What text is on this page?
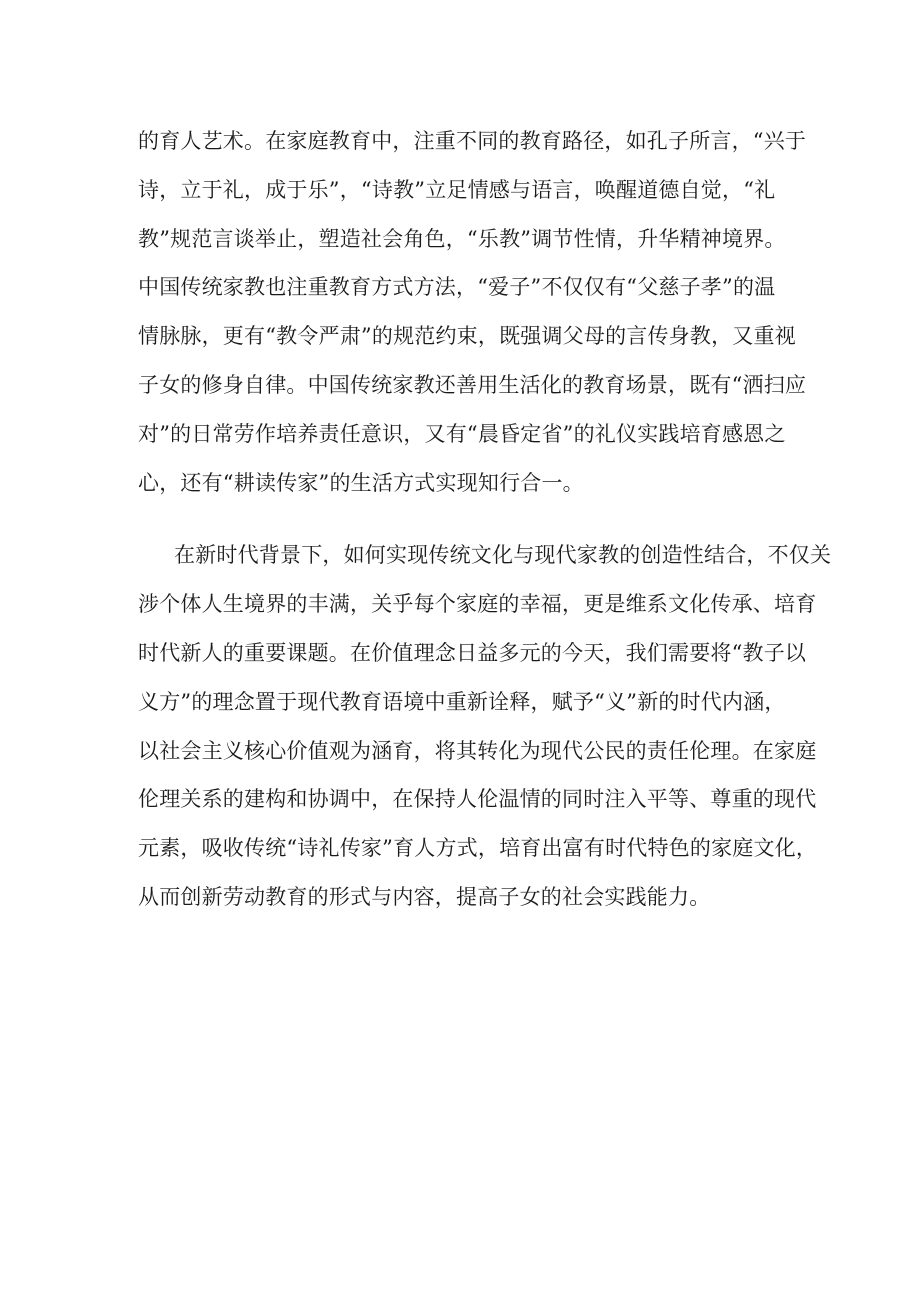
的育人艺术。在家庭教育中，注重不同的教育路径，如孔子所言，“兴于
诗，立于礼，成于乐”，“诗教”立足情感与语言，唤醒道德自觉，“礼
教”规范言谈举止，塑造社会角色，“乐教”调节性情，升华精神境界。
中国传统家教也注重教育方式方法，“爱子”不仅仅有“父慈子孝”的温
情脉脉，更有“教令严肃”的规范约束，既强调父母的言传身教，又重视
子女的修身自律。中国传统家教还善用生活化的教育场景，既有“洒扫应
对”的日常劳作培养责任意识，又有“晨昏定省”的礼仪实践培育感恩之
心，还有“耕读传家”的生活方式实现知行合一。

在新时代背景下，如何实现传统文化与现代家教的创造性结合，不仅关
涉个体人生境界的丰满，关乎每个家庭的幸福，更是维系文化传承、培育
时代新人的重要课题。在价值理念日益多元的今天，我们需要将“教子以
义方”的理念置于现代教育语境中重新诠释，赋予“义”新的时代内涵，
以社会主义核心价值观为涵育，将其转化为现代公民的责任伦理。在家庭
伦理关系的建构和协调中，在保持人伦温情的同时注入平等、尊重的现代
元素，吸收传统“诗礼传家”育人方式，培育出富有时代特色的家庭文化，
从而创新劳动教育的形式与内容，提高子女的社会实践能力。
